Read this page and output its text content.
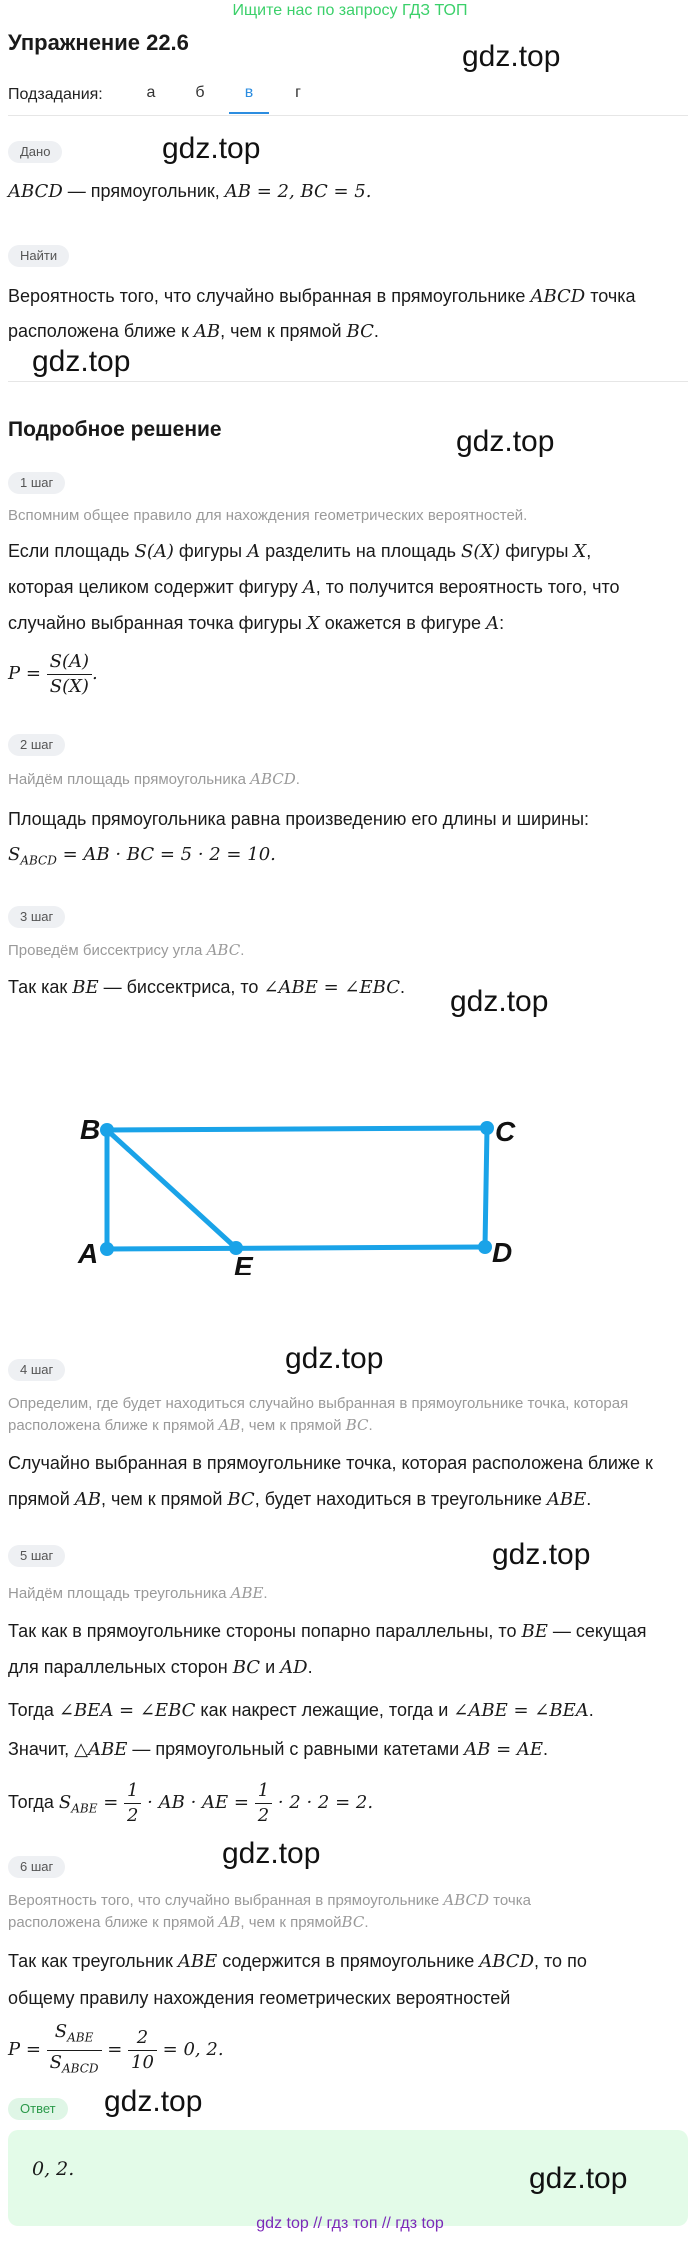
Ищите нас по запросу ГДЗ ТОП
Упражнение 22.6	gdz.top
Подзадания:	а	б	в	г
Дано	gdz.top
ABCD — прямоугольник, AB = 2, BC = 5.
Найти
Вероятность того, что случайно выбранная в прямоугольнике ABCD точка
расположена ближе к AB, чем к прямой BC.
gdz.top
Подробное решение	gdz.top
1 шаг
Вспомним общее правило для нахождения геометрических вероятностей.
Если площадь S(A) фигуры A разделить на площадь S(X) фигуры X,
которая целиком содержит фигуру A, то получится вероятность того, что
случайно выбранная точка фигуры X окажется в фигуре A:
$P = \frac{S(A)}{S(X)}$ .
2 шаг
Найдём площадь прямоугольника ABCD.
Площадь прямоугольника равна произведению его длины и ширины:
$S_{ABCD}$ = AB · BC = 5 · 2 = 10.
3 шаг
Проведём биссектрису угла ABC.
Так как BE — биссектриса, то ∠ABE = ∠EBC.	gdz.top
B	C
A	D
E
gdz.top
4 шаг
Определим, где будет находиться случайно выбранная в прямоугольнике точка, которая
расположена ближе к прямой AB, чем к прямой BC.
Случайно выбранная в прямоугольнике точка, которая расположена ближе к
прямой AB, чем к прямой BC, будет находиться в треугольнике ABE.
5 шаг	gdz.top
Найдём площадь треугольника ABE.
Так как в прямоугольнике стороны попарно параллельны, то BE — секущая
для параллельных сторон BC и AD.
Тогда ∠BEA = ∠EBC как накрест лежащие, тогда и ∠ABE = ∠BEA.
Значит, △ABE — прямоугольный с равными катетами AB = AE.
Тогда $S_{ABE} = \frac{1}{2}$ · AB · AE = $\frac{1}{2} \cdot 2 \cdot 2 = 2$.
gdz.top
6 шаг
Вероятность того, что случайно выбранная в прямоугольнике ABCD точка
расположена ближе к прямой AB, чем к прямойBC.
Так как треугольник ABE содержится в прямоугольнике ABCD, то по
общему правилу нахождения геометрических вероятностей
$P = \frac{S_{ABE}}{S_{ABCD}} = \frac{2}{10} = 0$, 2.
Ответ	gdz.top
0, 2.	gdz.top
gdz top // гдз топ // гдз top
